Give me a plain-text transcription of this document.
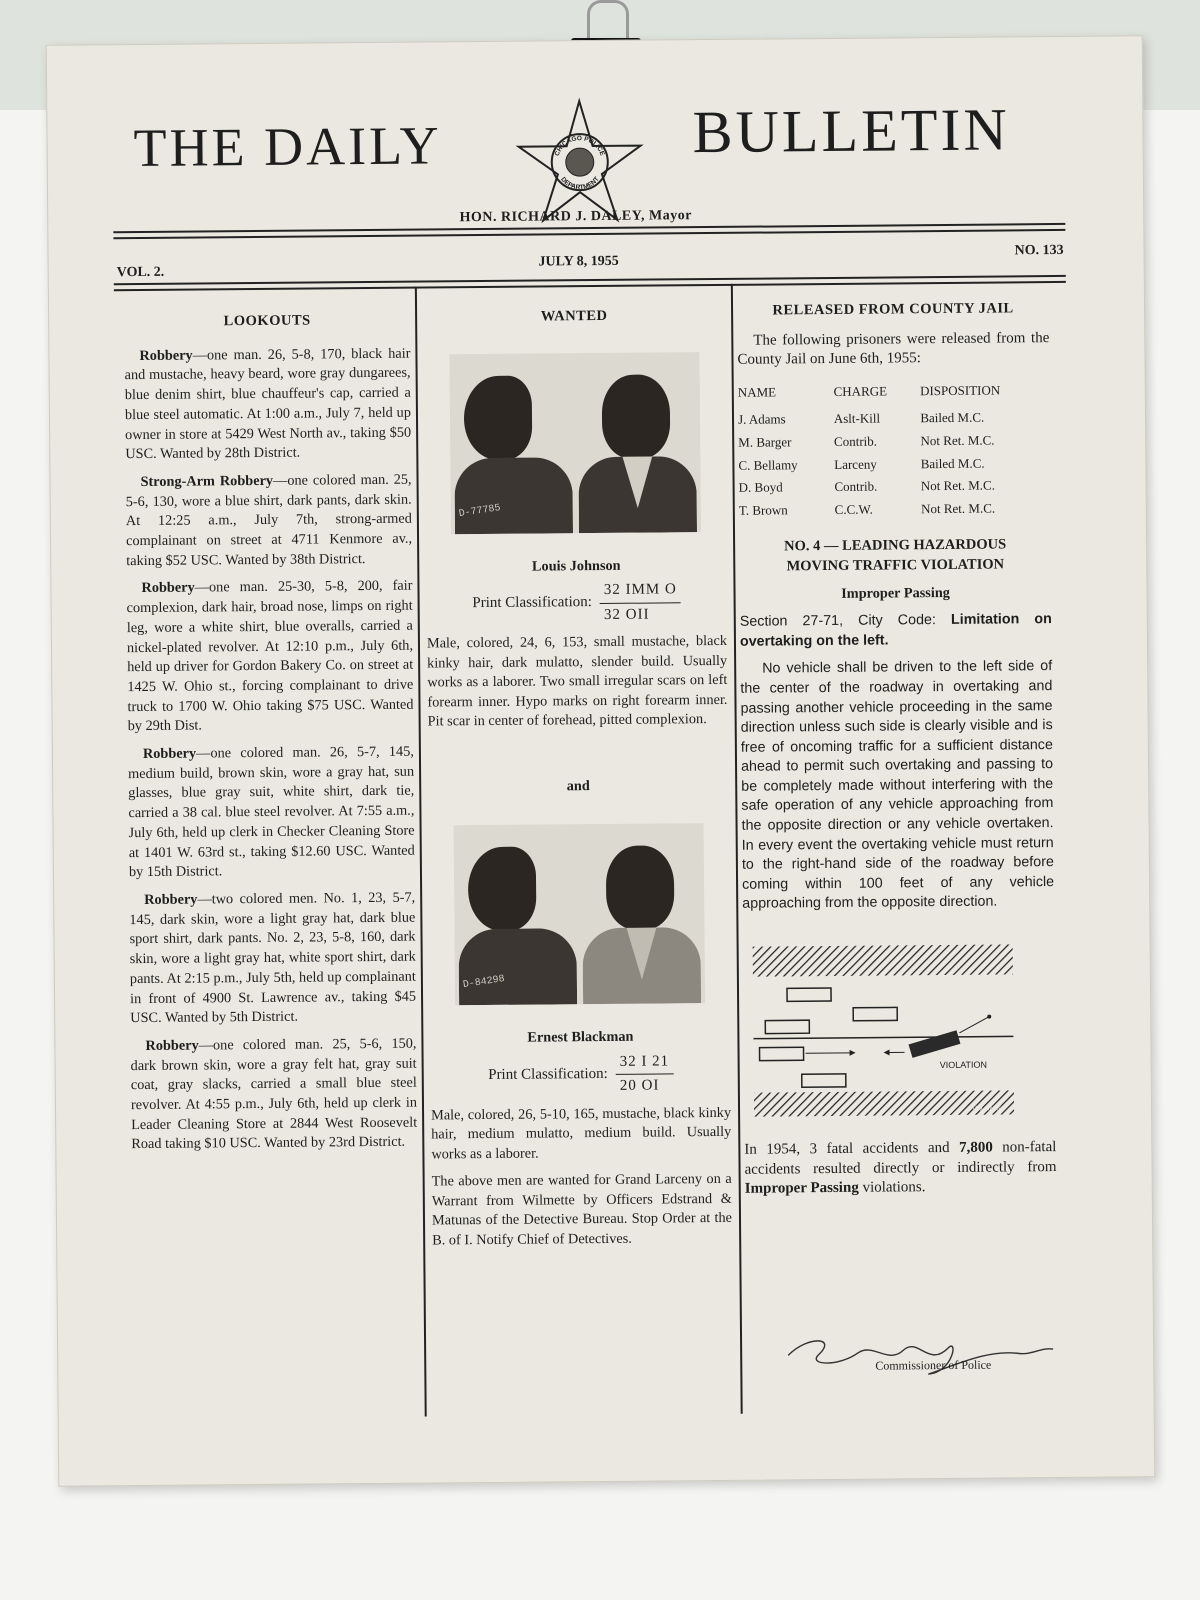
THE DAILY	CHICAGO POLICE
DEPARTMENT
BULLETIN
HON. RICHARD J. DALEY, Mayor
VOL. 2.
JULY 8, 1955
NO. 133
LOOKOUTS

Robbery—one man. 26, 5-8, 170, black hair and mustache, heavy beard, wore gray dungarees, blue denim shirt, blue chauffeur's cap, carried a blue steel automatic. At 1:00 a.m., July 7, held up owner in store at 5429 West North av., taking $50 USC. Wanted by 28th District.

Strong-Arm Robbery—one colored man. 25, 5-6, 130, wore a blue shirt, dark pants, dark skin. At 12:25 a.m., July 7th, strong-armed complainant on street at 4711 Kenmore av., taking $52 USC. Wanted by 38th District.

Robbery—one man. 25-30, 5-8, 200, fair complexion, dark hair, broad nose, limps on right leg, wore a white shirt, blue overalls, carried a nickel-plated revolver. At 12:10 p.m., July 6th, held up driver for Gordon Bakery Co. on street at 1425 W. Ohio st., forcing complainant to drive truck to 1700 W. Ohio taking $75 USC. Wanted by 29th Dist.

Robbery—one colored man. 26, 5-7, 145, medium build, brown skin, wore a gray hat, sun glasses, blue gray suit, white shirt, dark tie, carried a 38 cal. blue steel revolver. At 7:55 a.m., July 6th, held up clerk in Checker Cleaning Store at 1401 W. 63rd st., taking $12.60 USC. Wanted by 15th District.

Robbery—two colored men. No. 1, 23, 5-7, 145, dark skin, wore a light gray hat, dark blue sport shirt, dark pants. No. 2, 23, 5-8, 160, dark skin, wore a light gray hat, white sport shirt, dark pants. At 2:15 p.m., July 5th, held up complainant in front of 4900 St. Lawrence av., taking $45 USC. Wanted by 5th District.

Robbery—one colored man. 25, 5-6, 150, dark brown skin, wore a gray felt hat, gray suit coat, gray slacks, carried a small blue steel revolver. At 4:55 p.m., July 6th, held up clerk in Leader Cleaning Store at 2844 West Roosevelt Road taking $10 USC. Wanted by 23rd District.

WANTED
D-77785
Louis Johnson
Print Classification: $\frac{\text{32 IMM O}}{\text{32 OII}}$

Male, colored, 24, 6, 153, small mustache, black kinky hair, dark mulatto, slender build. Usually works as a laborer. Two small irregular scars on left forearm inner. Hypo marks on right forearm inner. Pit scar in center of forehead, pitted complexion.

and
D-84298
Ernest Blackman
Print Classification: $\frac{32 I 21}{20 OI}$

Male, colored, 26, 5-10, 165, mustache, black kinky hair, medium mulatto, medium build. Usually works as a laborer.

The above men are wanted for Grand Larceny on a Warrant from Wilmette by Officers Edstrand & Matunas of the Detective Bureau. Stop Order at the B. of I. Notify Chief of Detectives.

RELEASED FROM COUNTY JAIL

The following prisoners were released from the County Jail on June 6th, 1955:

NAME	CHARGE	DISPOSITION
J. Adams	Aslt-Kill	Bailed M.C.
M. Barger	Contrib.	Not Ret. M.C.
C. Bellamy	Larceny	Bailed M.C.
D. Boyd	Contrib.	Not Ret. M.C.
T. Brown	C.C.W.	Not Ret. M.C.
NO. 4 — LEADING HAZARDOUS
MOVING TRAFFIC VIOLATION
Improper Passing

Section 27-71, City Code: Limitation on overtaking on the left.

No vehicle shall be driven to the left side of the center of the roadway in overtaking and passing another vehicle proceeding in the same direction unless such side is clearly visible and is free of oncoming traffic for a sufficient distance ahead to permit such overtaking and passing to be completely made without interfering with the safe operation of any vehicle approaching from the opposite direction or any vehicle overtaken. In every event the overtaking vehicle must return to the right-hand side of the roadway before coming within 100 feet of any vehicle approaching from the opposite direction.

VIOLATION
VALANIS

In 1954, 3 fatal accidents and 7,800 non-fatal accidents resulted directly or indirectly from Improper Passing violations.

Commissioner of Police
